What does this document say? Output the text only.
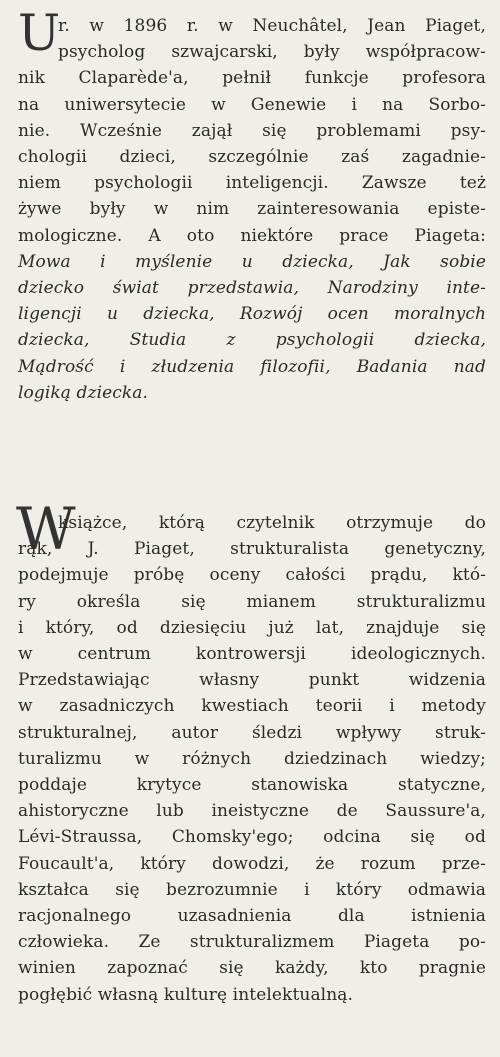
U
r. w 1896 r. w Neuchâtel, Jean Piaget,
psycholog szwajcarski, były współpracow-
nik Claparède'a, pełnił funkcje profesora
na uniwersytecie w Genewie i na Sorbo-
nie. Wcześnie zajął się problemami psy-
chologii dzieci, szczególnie zaś zagadnie-
niem psychologii inteligencji. Zawsze też
żywe były w nim zainteresowania episte-
mologiczne. A oto niektóre prace Piageta:
Mowa i myślenie u dziecka, Jak sobie
dziecko świat przedstawia, Narodziny inte-
ligencji u dziecka, Rozwój ocen moralnych
dziecka, Studia z psychologii dziecka,
Mądrość i złudzenia filozofii, Badania nad
logiką dziecka.
W
książce, którą czytelnik otrzymuje do
rąk, J. Piaget, strukturalista genetyczny,
podejmuje próbę oceny całości prądu, któ-
ry określa się mianem strukturalizmu
i który, od dziesięciu już lat, znajduje się
w centrum kontrowersji ideologicznych.
Przedstawiając własny punkt widzenia
w zasadniczych kwestiach teorii i metody
strukturalnej, autor śledzi wpływy struk-
turalizmu w różnych dziedzinach wiedzy;
poddaje krytyce stanowiska statyczne,
ahistoryczne lub ineistyczne de Saussure'a,
Lévi-Straussa, Chomsky'ego; odcina się od
Foucault'a, który dowodzi, że rozum prze-
kształca się bezrozumnie i który odmawia
racjonalnego uzasadnienia dla istnienia
człowieka. Ze strukturalizmem Piageta po-
winien zapoznać się każdy, kto pragnie
pogłębić własną kulturę intelektualną.
